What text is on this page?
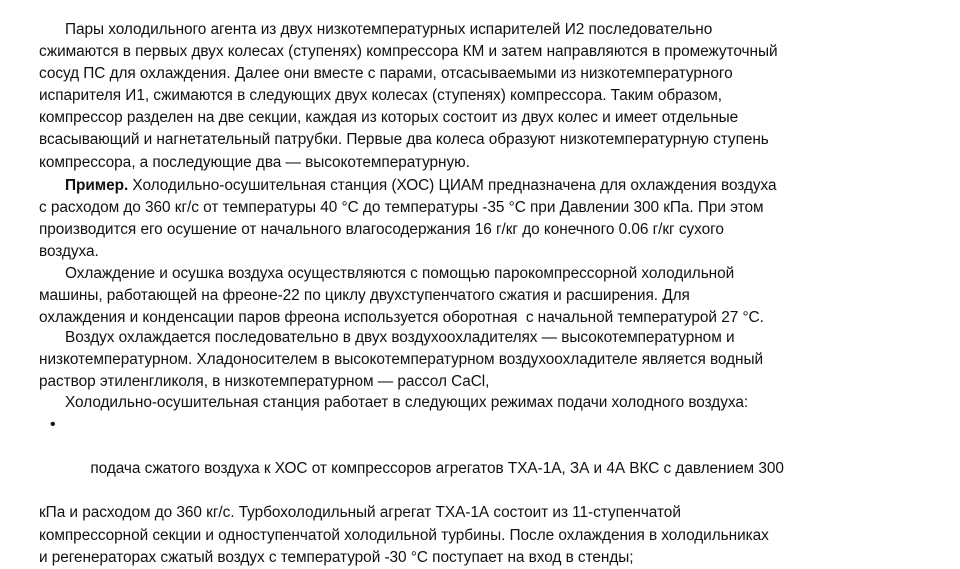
Пары холодильного агента из двух низкотемпературных испарителей И2 последовательно

сжимаются в первых двух колесах (ступенях) компрессора КМ и затем направляются в промежуточный

сосуд ПС для охлаждения. Далее они вместе с парами, отсасываемыми из низкотемпературного

испарителя И1, сжимаются в следующих двух колесах (ступенях) компрессора. Таким образом,

компрессор разделен на две секции, каждая из которых состоит из двух колес и имеет отдельные

всасывающий и нагнетательный патрубки. Первые два колеса образуют низкотемпературную ступень

компрессора, а последующие два — высокотемпературную.

Пример. Холодильно-осушительная станция (ХОС) ЦИАМ предназначена для охлаждения воздуха

с расходом до 360 кг/с от температуры 40 °С до температуры -35 °С при Давлении 300 кПа. При этом

производится его осушение от начального влагосодержания 16 г/кг до конечного 0.06 г/кг сухого

воздуха.

Охлаждение и осушка воздуха осуществляются с помощью парокомпрессорной холодильной

машины, работающей на фреоне-22 по циклу двухступенчатого сжатия и расширения. Для

охлаждения и конденсации паров фреона используется оборотная  с начальной температурой 27 °С.

Воздух охлаждается последовательно в двух воздухоохладителях — высокотемпературном и

низкотемпературном. Хладоносителем в высокотемпературном воздухоохладителе является водный

раствор этиленгликоля, в низкотемпературном — рассол CaCl,

Холодильно-осушительная станция работает в следующих режимах подачи холодного воздуха:

•

подача сжатого воздуха к ХОС от компрессоров агрегатов ТХА-1А, ЗА и 4А ВКС с давлением 300

кПа и расходом до 360 кг/с. Турбохолодильный агрегат ТХА-1А состоит из 11-ступенчатой

компрессорной секции и одноступенчатой холодильной турбины. После охлаждения в холодильниках

и регенераторах сжатый воздух с температурой -30 °С поступает на вход в стенды;
